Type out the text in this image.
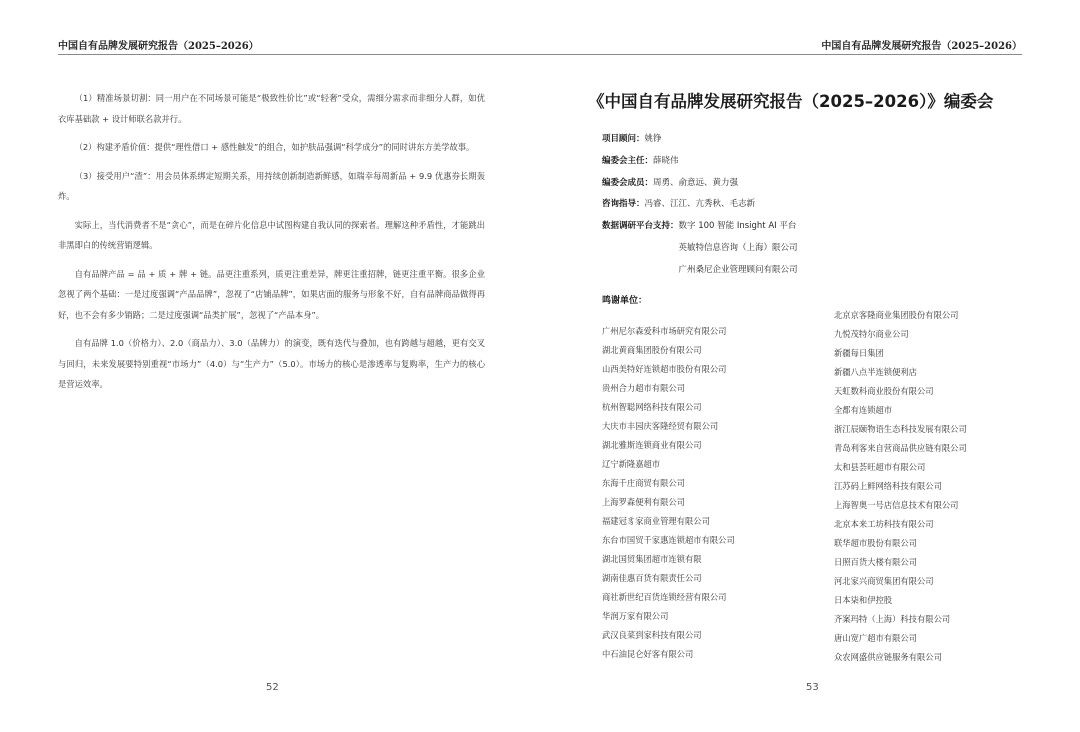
中国自有品牌发展研究报告（2025–2026）

（1）精准场景切割：同一用户在不同场景可能是“极致性价比”或“轻奢”受众，需细分需求而非细分人群，如优衣库基础款 + 设计师联名款并行。

（2）构建矛盾价值：提供“理性借口 + 感性触发”的组合，如护肤品强调“科学成分”的同时讲东方美学故事。

（3）接受用户“渣”：用会员体系绑定短期关系，用持续创新制造新鲜感，如瑞幸每周新品 + 9.9 优惠券长期轰炸。

实际上，当代消费者不是“贪心”，而是在碎片化信息中试图构建自我认同的探索者。理解这种矛盾性，才能跳出非黑即白的传统营销逻辑。

自有品牌产品 = 品 + 质 + 牌 + 链。品更注重系列，质更注重差异，牌更注重招牌，链更注重平衡。很多企业忽视了两个基础：一是过度强调“产品品牌”，忽视了“店铺品牌”，如果店面的服务与形象不好，自有品牌商品做得再好，也不会有多少销路；二是过度强调“品类扩展”，忽视了“产品本身”。

自有品牌 1.0（价格力）、2.0（商品力）、3.0（品牌力）的演变，既有迭代与叠加，也有跨越与超越，更有交叉与回归，未来发展要特别重视“市场力”（4.0）与“生产力”（5.0）。市场力的核心是渗透率与复购率，生产力的核心是营运效率。

52
中国自有品牌发展研究报告（2025–2026）
《中国自有品牌发展研究报告（2025–2026）》编委会
项目顾问： 姚铮
编委会主任： 薛晓伟
编委会成员： 周勇、俞意远、黄力强
咨询指导： 冯睿、江江、亢秀秋、毛志新
数据调研平台支持： 数字 100 智能 Insight AI 平台
英敏特信息咨询（上海）限公司
广州桑尼企业管理顾问有限公司
鸣谢单位：
广州尼尔森爱科市场研究有限公司
湖北黄商集团股份有限公司
山西美特好连锁超市股份有限公司
贵州合力超市有限公司
杭州智聪网络科技有限公司
大庆市丰园庆客隆经贸有限公司
湖北雅斯连锁商业有限公司
辽宁新隆嘉超市
东海千庄商贸有限公司
上海罗森便利有限公司
福建冠豸家商业管理有限公司
东台市国贸千家惠连锁超市有限公司
湖北国贸集团超市连锁有限
湖南佳惠百货有限责任公司
商社新世纪百货连锁经营有限公司
华润万家有限公司
武汉良菜到家科技有限公司
中石油昆仑好客有限公司
北京京客隆商业集团股份有限公司
九悦茂特尔商业公司
新疆每日集团
新疆八点半连锁便利店
天虹数科商业股份有限公司
全都有连锁超市
浙江辰颐物语生态科技发展有限公司
青岛利客来自营商品供应链有限公司
太和县荟旺超市有限公司
江苏码上鲜网络科技有限公司
上海智奥一号店信息技术有限公司
北京本来工坊科技有限公司
联华超市股份有限公司
日照百货大楼有限公司
河北家兴商贸集团有限公司
日本柒和伊控股
齐案玛特（上海）科技有限公司
唐山宽广超市有限公司
众农网盛供应链服务有限公司
53
